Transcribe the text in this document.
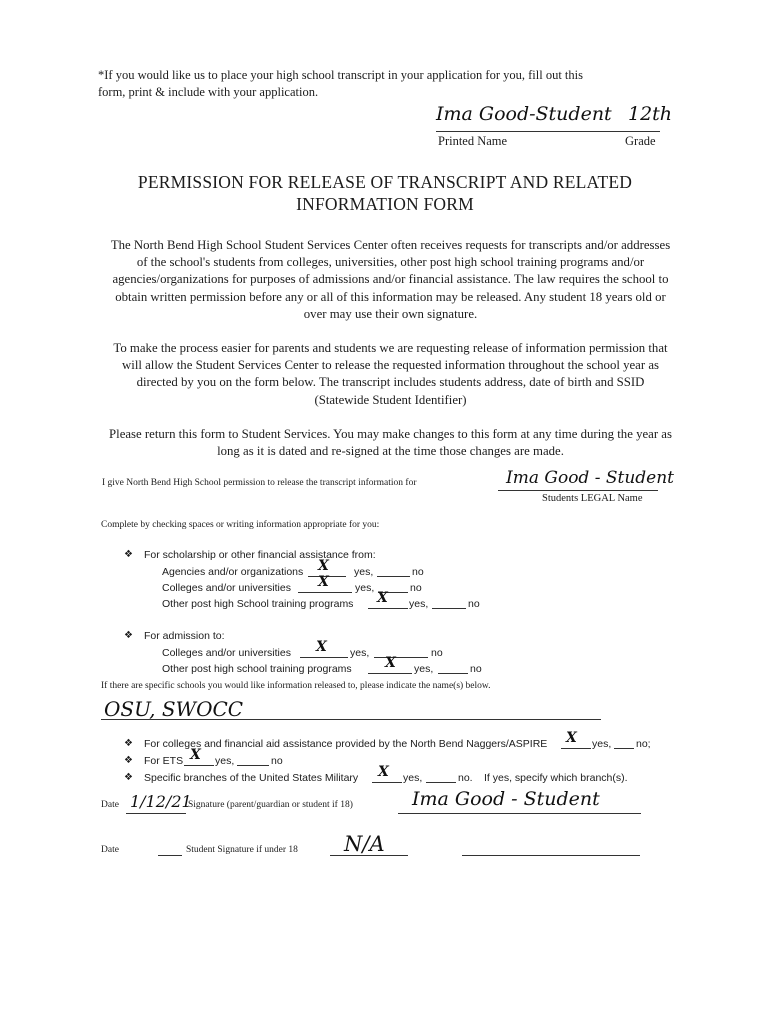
*If you would like us to place your high school transcript in your application for you, fill out this
form, print & include with your application.
Ima Good-Student 12th
Printed Name	Grade
PERMISSION FOR RELEASE OF TRANSCRIPT AND RELATED
INFORMATION FORM
The North Bend High School Student Services Center often receives requests for transcripts and/or addresses of the school's students from colleges, universities, other post high school training programs and/or agencies/organizations for purposes of admissions and/or financial assistance. The law requires the school to obtain written permission before any or all of this information may be released. Any student 18 years old or over may use their own signature.
To make the process easier for parents and students we are requesting release of information permission that will allow the Student Services Center to release the requested information throughout the school year as directed by you on the form below. The transcript includes students address, date of birth and SSID (Statewide Student Identifier)
Please return this form to Student Services. You may make changes to this form at any time during the year as long as it is dated and re-signed at the time those changes are made.
I give North Bend High School permission to release the transcript information for	Ima Good - Student
Students LEGAL Name
Complete by checking spaces or writing information appropriate for you:
❖ For scholarship or other financial assistance from:
Agencies and/or organizations X yes,	no
Colleges and/or universities X yes,	no
Other post high School training programs X yes,	no
❖ For admission to:
Colleges and/or universities X yes,	no
Other post high school training programs X yes,	no
If there are specific schools you would like information released to, please indicate the name(s) below.
OSU, SWOCC
❖ For colleges and financial aid assistance provided by the North Bend Naggers/ASPIRE X yes, no;
❖ For ETS X yes,	no
❖ Specific branches of the United States Military X yes,	no. If yes, specify which branch(s).
Date 1/12/21
Signature (parent/guardian or student if 18)	Ima Good - Student
Date	Student Signature if under 18 N/A
